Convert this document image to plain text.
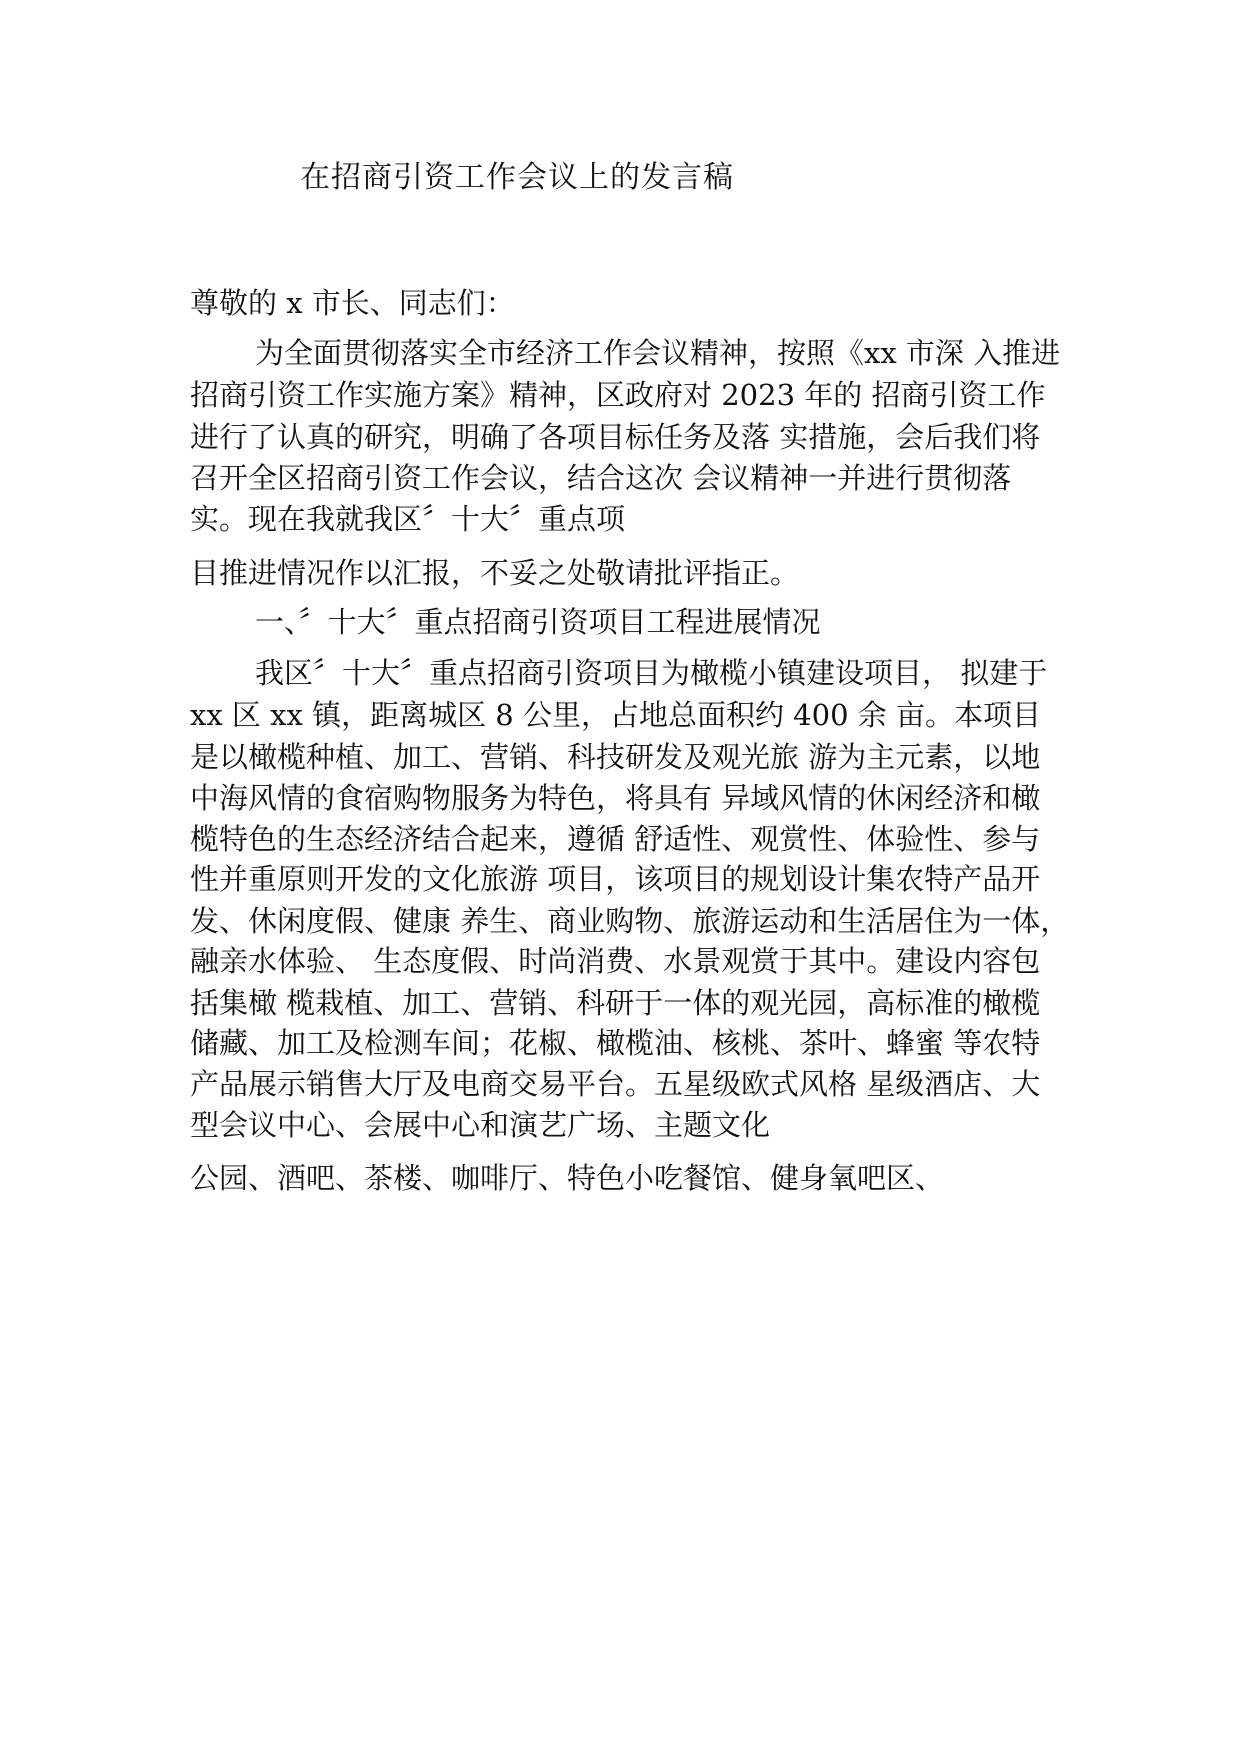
在招商引资工作会议上的发言稿
尊敬的 x 市长、同志们：
为全面贯彻落实全市经济工作会议精神，按照《xx 市深 入推进
招商引资工作实施方案》精神，区政府对 2023 年的 招商引资工作
进行了认真的研究，明确了各项目标任务及落 实措施，会后我们将
召开全区招商引资工作会议，结合这次 会议精神一并进行贯彻落
实。现在我就我区〞十大〞重点项
目推进情况作以汇报，不妥之处敬请批评指正。
一、〞十大〞重点招商引资项目工程进展情况
我区〞十大〞重点招商引资项目为橄榄小镇建设项目， 拟建于
xx 区 xx 镇，距离城区 8 公里，占地总面积约 400 余 亩。本项目
是以橄榄种植、加工、营销、科技研发及观光旅 游为主元素，以地
中海风情的食宿购物服务为特色，将具有 异域风情的休闲经济和橄
榄特色的生态经济结合起来，遵循 舒适性、观赏性、体验性、参与
性并重原则开发的文化旅游 项目，该项目的规划设计集农特产品开
发、休闲度假、健康 养生、商业购物、旅游运动和生活居住为一体，
融亲水体验、 生态度假、时尚消费、水景观赏于其中。建设内容包
括集橄 榄栽植、加工、营销、科研于一体的观光园，高标准的橄榄
储藏、加工及检测车间；花椒、橄榄油、核桃、茶叶、蜂蜜 等农特
产品展示销售大厅及电商交易平台。五星级欧式风格 星级酒店、大
型会议中心、会展中心和演艺广场、主题文化
公园、酒吧、茶楼、咖啡厅、特色小吃餐馆、健身氧吧区、
